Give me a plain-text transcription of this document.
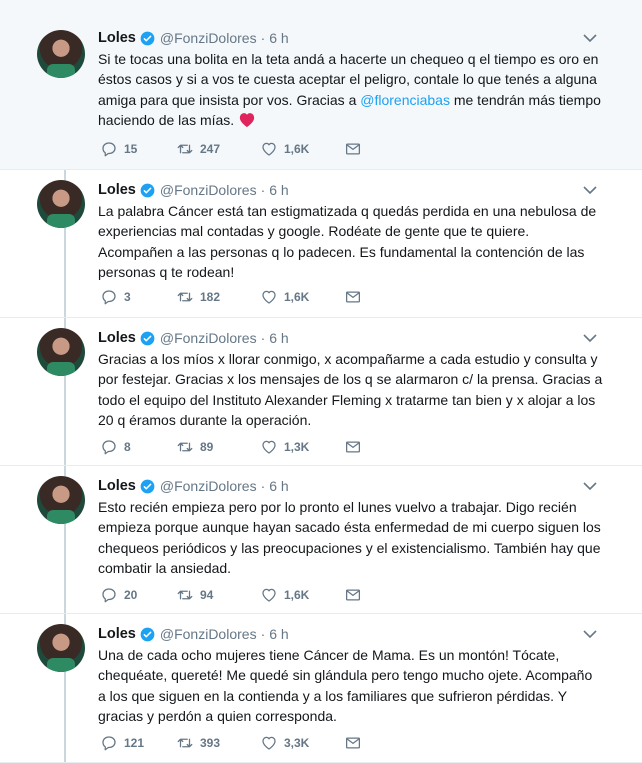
Loles @FonziDolores · 6 h
Si te tocas una bolita en la teta andá a hacerte un chequeo q el tiempo es oro en éstos casos y si a vos te cuesta aceptar el peligro, contale lo que tenés a alguna amiga para que insista por vos. Gracias a @florenciabas me tendrán más tiempo haciendo de las mías.
15	247	1,6K
Loles @FonziDolores · 6 h
La palabra Cáncer está tan estigmatizada q quedás perdida en una nebulosa de experiencias mal contadas y google. Rodéate de gente que te quiere. Acompañen a las personas q lo padecen. Es fundamental la contención de las personas q te rodean!
3	182	1,6K
Loles @FonziDolores · 6 h
Gracias a los míos x llorar conmigo, x acompañarme a cada estudio y consulta y por festejar. Gracias x los mensajes de los q se alarmaron c/ la prensa. Gracias a todo el equipo del Instituto Alexander Fleming x tratarme tan bien y x alojar a los 20 q éramos durante la operación.
8	89	1,3K
Loles @FonziDolores · 6 h
Esto recién empieza pero por lo pronto el lunes vuelvo a trabajar. Digo recién empieza porque aunque hayan sacado ésta enfermedad de mi cuerpo siguen los chequeos periódicos y las preocupaciones y el existencialismo. También hay que combatir la ansiedad.
20	94	1,6K
Loles @FonziDolores · 6 h
Una de cada ocho mujeres tiene Cáncer de Mama. Es un montón! Tócate, chequéate, quereté! Me quedé sin glándula pero tengo mucho ojete. Acompaño a los que siguen en la contienda y a los familiares que sufrieron pérdidas. Y gracias y perdón a quien corresponda.
121	393	3,3K
